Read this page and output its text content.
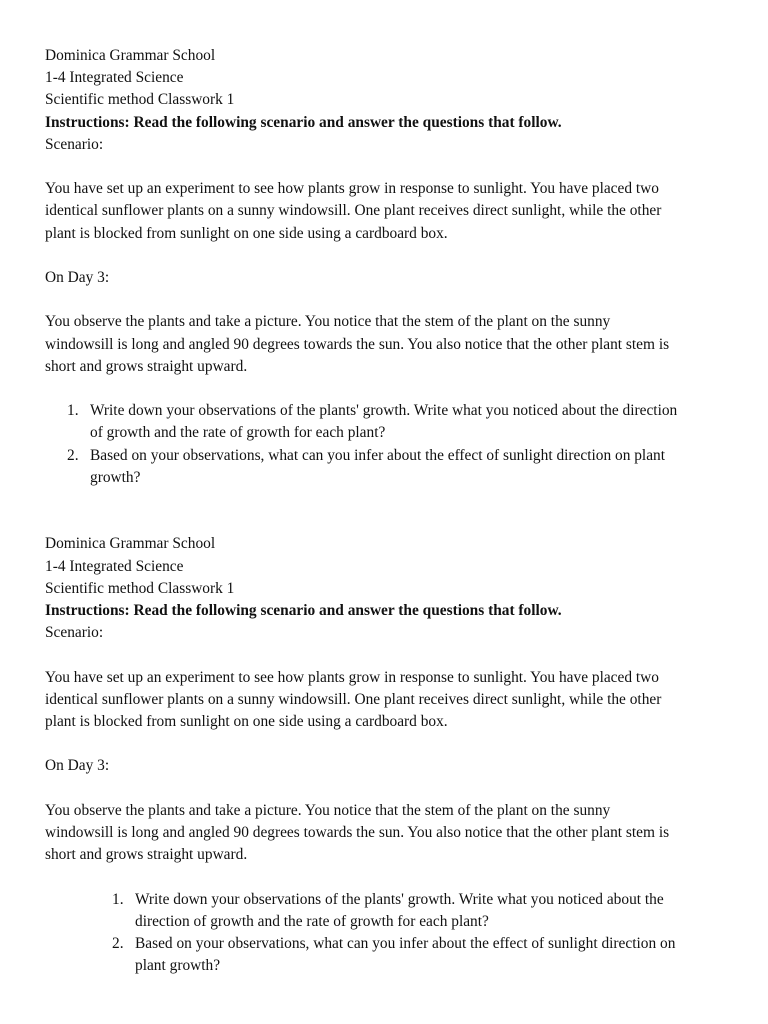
Dominica Grammar School
1-4 Integrated Science
Scientific method Classwork 1
Instructions: Read the following scenario and answer the questions that follow.
Scenario:
You have set up an experiment to see how plants grow in response to sunlight. You have placed two
identical sunflower plants on a sunny windowsill. One plant receives direct sunlight, while the other
plant is blocked from sunlight on one side using a cardboard box.
On Day 3:
You observe the plants and take a picture. You notice that the stem of the plant on the sunny
windowsill is long and angled 90 degrees towards the sun. You also notice that the other plant stem is
short and grows straight upward.
1. Write down your observations of the plants' growth. Write what you noticed about the direction
of growth and the rate of growth for each plant?
2. Based on your observations, what can you infer about the effect of sunlight direction on plant
growth?
Dominica Grammar School
1-4 Integrated Science
Scientific method Classwork 1
Instructions: Read the following scenario and answer the questions that follow.
Scenario:
You have set up an experiment to see how plants grow in response to sunlight. You have placed two
identical sunflower plants on a sunny windowsill. One plant receives direct sunlight, while the other
plant is blocked from sunlight on one side using a cardboard box.
On Day 3:
You observe the plants and take a picture. You notice that the stem of the plant on the sunny
windowsill is long and angled 90 degrees towards the sun. You also notice that the other plant stem is
short and grows straight upward.
1. Write down your observations of the plants' growth. Write what you noticed about the
direction of growth and the rate of growth for each plant?
2. Based on your observations, what can you infer about the effect of sunlight direction on
plant growth?
